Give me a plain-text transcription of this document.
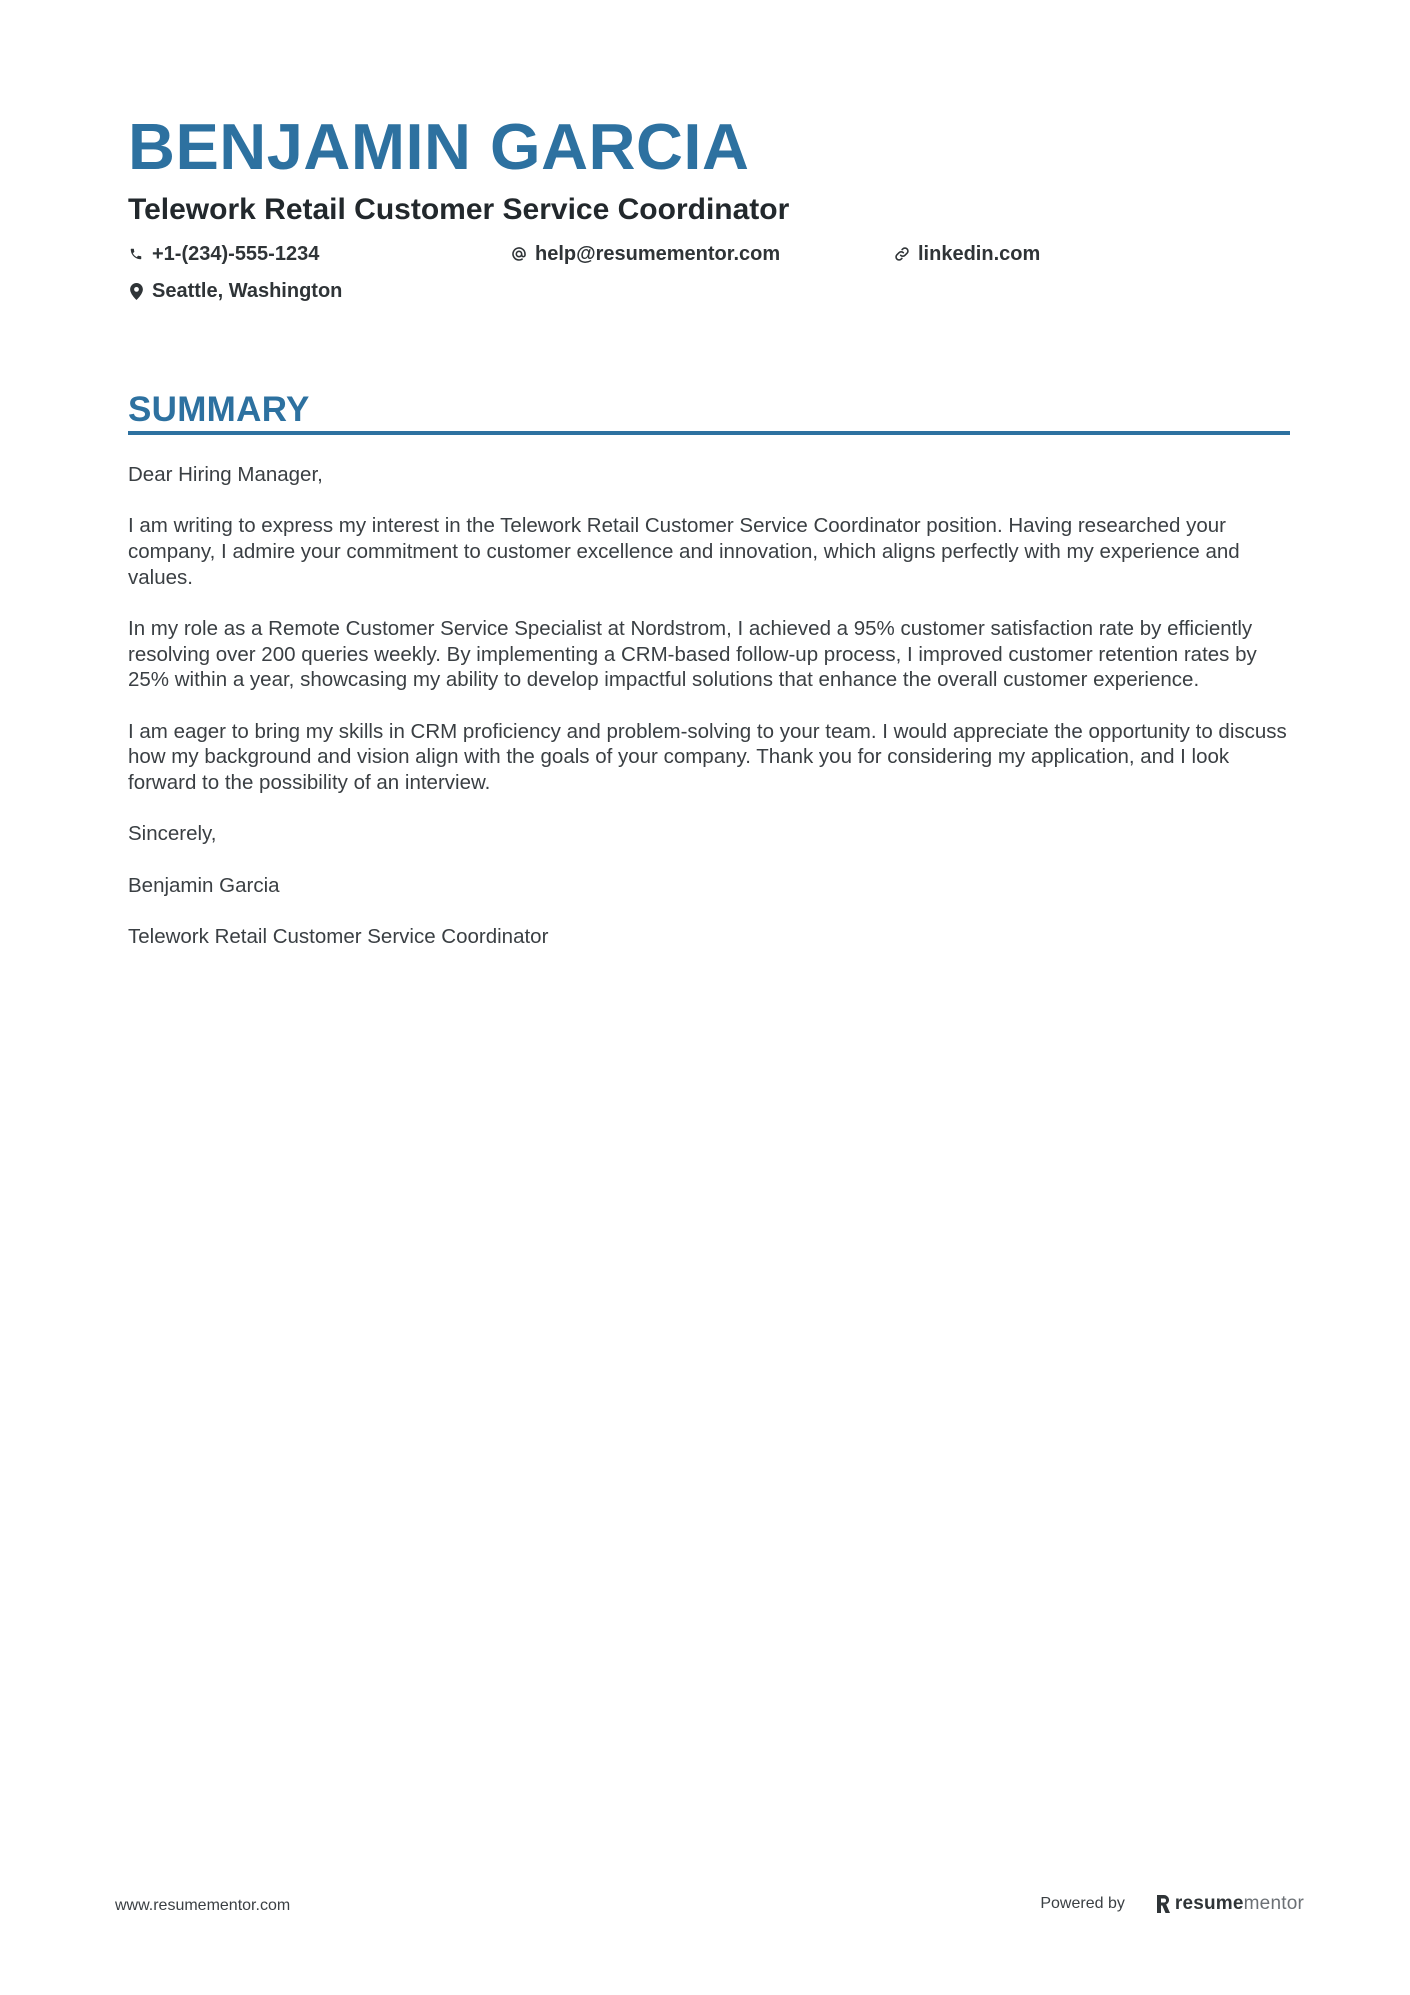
BENJAMIN GARCIA
Telework Retail Customer Service Coordinator
+1-(234)-555-1234	help@resumementor.com	linkedin.com
Seattle, Washington
SUMMARY

Dear Hiring Manager,

I am writing to express my interest in the Telework Retail Customer Service Coordinator position. Having researched your company, I admire your commitment to customer excellence and innovation, which aligns perfectly with my experience and values.

In my role as a Remote Customer Service Specialist at Nordstrom, I achieved a 95% customer satisfaction rate by efficiently resolving over 200 queries weekly. By implementing a CRM-based follow-up process, I improved customer retention rates by 25% within a year, showcasing my ability to develop impactful solutions that enhance the overall customer experience.

I am eager to bring my skills in CRM proficiency and problem-solving to your team. I would appreciate the opportunity to discuss how my background and vision align with the goals of your company. Thank you for considering my application, and I look forward to the possibility of an interview.

Sincerely,

Benjamin Garcia

Telework Retail Customer Service Coordinator

www.resumementor.com	Powered by	resumementor
